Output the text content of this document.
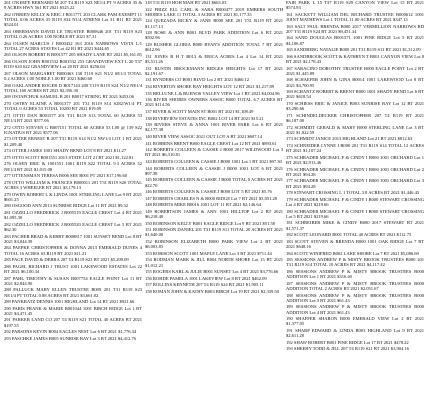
261 O'KEEFE BERNARD M 207 T4 R119 S23 NE1/4 PT 9 ACRES 35 & 9 ACRES HWY 561 BT 2021 $525.22
262 O'BRIEN KELLY & ERIC J B011771 203 CLARK FAM EXEMPT 11 TOTAL 0.06 ACRES 35 R119 S34 N1/4 ATHENS Lot 31 B11 BT 2021 $524.01
263 OBERMANN DAVID LE TRUSTEE B000646 201 T31 R119 S23 TOTAL 0.26 ACRES 1.00 NOBLE BT 2021 $7.31
264 OLSEN MARCUS J B000432 163 2016 NARROWS VISTA L/1 TOTAL 27 ACRES STAVES Lot 42 B1 BT 2021 $444.65
265 OLSON ROBERT B B001577 205 SHADY LANE BT 2021 $5,161.85
266 OLSON JOHN B001532 B001532 253 GRANDVIEW EXT L 20 T37 R119 S20 622 GRANDVIEW Lot 20 BT 2021 $256.04
267 OLSON MARGARET B000463 138 T119 S21 N1/2 SE1/4 TOTAL 0.2 ACRES 1.00 NOBLE 1.00 RT 2021 $460.60
268 OAKLANDER ROGER D B017143 200 T119 R119 S24 N1/2 NE1/4 TOTAL 160 ACRES BT 2021 $2,356.30
269 OSTAPCHUK SAMUEL B 201 B0017 STRING RT 2021 $453.06
270 OSTRY ELAINE A B001377 201 T31 R119 S14 S282/W1/4 PT TOTAL 0 ACRES 53 TOTAL 10200 BT 2021 $19.09
271 OTTO DAN B001577 201 T31 R119 S13 TOTAL 60 ACRES 53 NE1/4 BT 2021 $577.06
272 OTTO STEVEN G B007151 TOTAL 60 ACRES 53 L00 @ 139 S22 IGNATIUS BT 2021 $577.06
273 OTTER ERNEST R 207 T31 R119 S14 N1/2 NW1/4 LOT 1 BT 2021 $1,209.40
274 OTTER JAMES 1001 SHADY BEND LOT 8 BT 2021 $11.27
275 OTTO SCOTT B001551 2013 STATE LOT 21 BT 2021 $1,122.81
276 OLSEN ERIC & 1001551 1001 R119 S22 TOTAL 9.3 ACRES 52 NE1/4 BT 2021 $1,015.08
277 OTTENSMAN TERESA B006 SEE B001 PT 2021 $17,196.60
278 OTTO WILLIAM & FRANCES B000011 201 T31 R119 S20 TOTAL ACRES 3 WHEELER BT 2021 $3,179.13
279 OWEN ROBERT L & LINDA 1001 STERLING LANE Lot 9 BT 2021 $601.25
280 OSGOOD ANN 2013 SUNRISE RIDGE Lot 11 BT 2021 $9.32
281 OZZELLO FREDERICK J B005519 EAGLE CREST Lot 4 BT 2021 $1,095.30
282 OZZELLO FREDERICK J B005520 EAGLE CREST Lot 5 BT 2021 $62.30
283 PACHER BRAD & KERRY B008817 1001 SUNSET BEND Lot 8 BT 2021 $3,044.39
284 PAEPKE CHRISTOPHER & DONNA 2013 EMERALD DUNES 4 TOTAL 16 ACRES S3 R119 BT 2021 $11.21
285 PAGE DAVID & DEBRA 207 T4 R119 S23 BT 2021 $5,209.09
286 PAGEL RICHARD J TRUST 1001 LAKEWOOD ESTATES Lot 22 BT 2021 $6,100.34
287 PAHL TIMOTHY & SUSAN B007754 EAGLE POINT Lot 11 BT 2021 $2,844.90
288 PALLUCK MARY ELLEN TRUSTEE B009 201 T31 R119 S23 NE1/4 PT TOTAL 0.88 ACRES BT 2021 $3,661.02
289 PANKRATZ DENNIS 1001 HIGHLAND Lot 14 BT 2021 $921.66
290 PARIS FRANK & MARIE B001044 1001 BIRCH RIDGE Lot 1 BT 2021 $4,471.45
291 PARKER LAND CO 207 T4 R119 S21 TOTAL 40 ACRES BT 2021 $197.55
292 PARSONS KEVIN B004 EAGLES NEST Lot 6 BT 2021 $1,776.34
293 PASCHKE JAMES B005 SUNRISE BAY Lot 3 BT 2021 $4,412.76
118 T31 R119 HOH MAH BT 2021 $663.03
122 FRIZZ ELL CARL & SARA B000477 2019 EMBERS SOUTH SHORES LAKE 11 TOTAL 3 ACRES BT 2021 $1,177.35
124 QUEZADA RICKY & JANE B000 SEE 201 T31 R119 BT 2021 $1,117.13
128 ROSE & ANN B001 BLVD PARK ADDITION Lot 6 BT 2021 $502.96
129 RUSHER GLORIA B000 RYAN'S ADDITION TOTAL 7 BT 2021 $612.96
131 JONES B H T B013 & ERICA ACRES Lot 4 Lot 14 BT 2021 $3,511.26
131 RUSTIN BROCKMANN RIDGES HEIGHTS Lot 17 BT 2021 $2,191.67
131 RYNDERS CO B001 BLVD Lot 2 BT 2021 $460.12
134 RIVERTON SHORE BAY HEIGHTS LOT 12 BT 2021 $1,217.89
135 BELLUNE L & BUENOS VALLEY VIEW Lot 1 BT 2021 $4,004.96
136 RIVER SHORES OWNERS ASSOC B000 TOTAL 6.7 ACRES BT 2021 $114.56
137 RIVER & SCOTT MAIN ST B001 BT 2021 $1,108.49
138 RIVERVIEW ESTATES INC B002 LOT 14 BT 2021 $15.21
139 RIVERS STEVE & ANNA 1001 RIVER PARK Lot 6 BT 2021 $2,177.38
140 RIVER VIEW ASSOC 2021 OUT LOT A BT 2021 $607.14
141 ROBBINS BRENT B000 EAGLE CREST Lot 12 BT 2021 $893.61
142 ROBERTS COLLEEN & CASSIE J B000 2017 WILDWOOD Lot 3 BT 2021 $6,310.81
143 ROBERTS COLLEEN & CASSIE J B000 1001 Lot 1 BT 2021 $97.30
144 ROBERTS COLLEEN & CASSIE J B000 1001 LOT 6 BT 2021 $97.38
145 ROBERTS COLLEEN & CASSIE J B000 TOTAL 0 ACRES BT 2021 $22.70
146 ROBERTS COLLEEN & CASSIE J B000 LOT 5 BT 2021 $5.76
147 ROBERTS CHARLES N & B000 RIDGE Lot 7 BT 2021 $3,051.28
148 ROBERTS MIKE B0016 1001 LOT 11 BT 2021 $2,146.64
149 ROBERTSON JAMES & ANN 1001 HILLTOP Lot 2 BT 2021 $6,218.40
150 ROBINSON KELLY B001 EAGLE RIDGE Lot 9 BT 2021 $51.58
151 ROBINSON DANIEL 201 T31 R119 S11 TOTAL 20 ACRES BT 2021 $1,640.00
152 ROBINSON ELIZABETH B000 PARK VIEW Lot 2 BT 2021 $6,003.85
153 ROBISON SCOTT 1001 MAPLE LANE Lot 3 BT 2021 $711.44
154 RODMAN MARK & JILL B004 NORTH SHORE Lot 15 BT 2021 $1,012.21
155 ROGERS KARL & JULIE B001 SUNSET Lot 4 BT 2021 $3,776.66
156 ROHDE PAMELA 1001 LAKEVIEW Lot 8 BT 2021 $462.09
157 ROLLINS KENNETH 207 T4 R119 S24 BT 2021 $1,905.11
158 ROMAN JOHN & KATHY B003 BIRCH Lot 19 BT 2021 $2,339.50
FAIR PARK L 15 T37 R119 S29 CANYON VIEW Lot 15 BT 2021 $574.93
161 SACKETT WILLIAM DEL RICHARD TRUSTEE B000612 1001 JOINT MATHEWS Lot 1 TOTAL 11.00 ACRES BT 2021 $347.15
163 SALT PAUL BRENDA B000 2017 VERMILLION NARROWS RD 207 T31 R119 S24 BT 2021 $9,451.34
164 SAND DOUGLAS B001571 1001 PINE RIDGE Lot 5 BT 2021 $4,106.87
165 SANDBERG NATALIE B000 201 T31 R119 S11 BT 2021 $1,312.09
166 SANDBROOK SCOTT & KATHRYN T B001 CANYON VIEW Lot 8 BT 2021 $2,178.43
167 SARACINO DOROTHY TRUSTEE B000 EAGLE POINT Lot 2 BT 2021 $1,445.89
168 SCHAEFER JOHN & GINA B0014 1001 LAKEWOOD Lot 8 BT 2021 $4,700.95
169 SCHANTZ ROBERT & BRENT B000 1001 SHADY BEND Lot 6 BT 2021 $618.54
170 SCHIESS ERIC & JANICE B003 SUNRISE BAY Lot 12 BT 2021 $3,290.66
171 SCHINDELDECKER CHRISTOPHER 207 T4 R119 BT 2021 $6,187.00
172 SCHMIDT GERALD & MARY B000 STERLING LANE Lot 3 BT 2021 $1,822.59
173 SCHMIDT JANICE 2013 HIGHLAND Lot 21 BT 2021 $812.63
174 SCHNEIDER LYNNE I B000 201 T31 R119 S14 TOTAL 12 ACRES BT 2021 $1,107.24
175 SCHRADER MICHAEL F & CINDY I B000 1001 ORCHARD Lot 1 BT 2021 $2,913.46
176 SCHRADER MICHAEL F & CINDY I B000 1001 ORCHARD Lot 2 BT 2021 $94.28
177 SCHRADER MICHAEL F & CINDY I B000 1001 ORCHARD Lot 3 BT 2021 $94.28
178 STEWART CROSSING L 1 TOTAL 3.8 ACRES BT 2021 $1,446.43
179 SCHRADER MICHAEL F & CINDY I B000 STEWART CROSSING Lot 4 BT 2021 $219.66
180 SCHRADER MICHAEL F & CINDY I B000 STEWART CROSSING Lot 5 BT 2021 $219.66
181 SCHREIBER MIKE & CINDY B000 2017 STEWART BT 2021 $1,571.37
182 SCOTT LEONARD B001 TOTAL 40 ACRES BT 2021 $112.75
183 SCOTT STEVEN & BRENDA B000 1001 OAK RIDGE Lot 7 BT 2021 $648.16
184 SCOTT WINIFRED B002 LAKE SHORE Lot 7 BT 2021 $5,086.69
185 SESSIONS ANDREW P & MISTY BROOK TRUSTEES B000 201 T31 R119 S14 TOTAL 10 ACRES BT 2021 $4,117.42
186 SESSIONS ANDREW P & MISTY BROOK TRUSTEES B000 ADDITION Lot 1 BT 2021 $316.40
187 SESSIONS ANDREW P & MISTY BROOK TRUSTEES B000 ADDITION TOTAL 2 ACRES BT 2021 $2,051.67
188 SESSIONS ANDREW P & MISTY BROOK TRUSTEES B000 ADDITION Lot 3 BT 2021 $61.43
189 SESSIONS ANDREW P & MISTY BROOK TRUSTEES B000 ADDITION Lot 4 BT 2021 $61.43
190 SHAFFER SHARON B000 EMERALD VIEW Lot 2 BT 2021 $1,377.05
191 SHARP EDWARD & LINDA B003 HIGHLAND Lot 9 BT 2021 $2,611.28
192 SHAW ROBERT B001 PINE RIDGE Lot 17 BT 2021 $478.22
193 SHEEHY TODD & JILL 207 T4 R119 S21 BT 2021 $3,904.16
